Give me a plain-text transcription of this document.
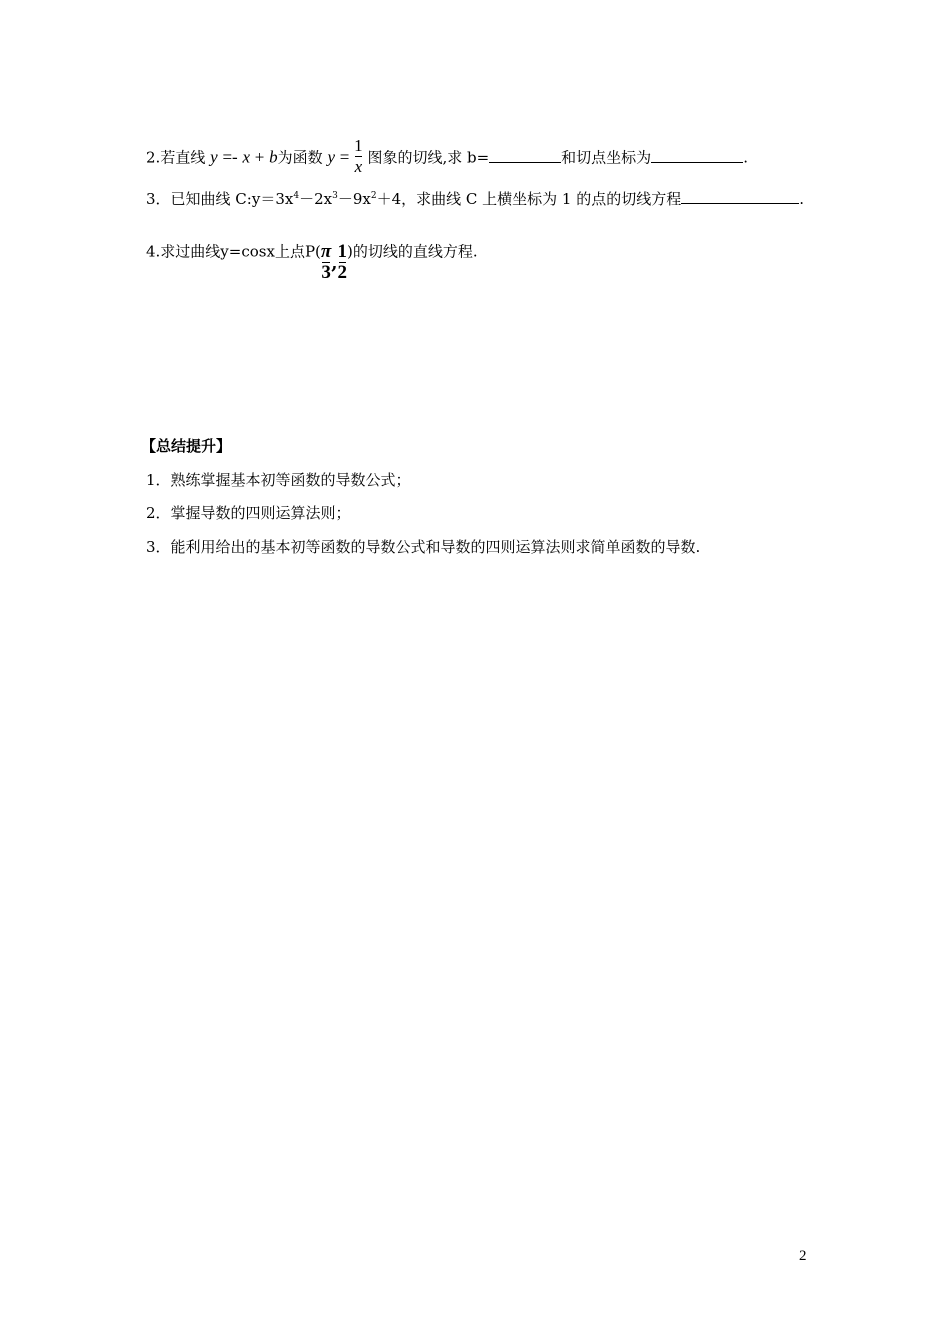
2.若直线 y =- x + b为函数 $y = \frac{1}{x}$ 图象的切线,求 b=	和切点坐标为	.
3．已知曲线 $C:y=3x^4-2x^3-9x^2+4$，求曲线 C 上横坐标为 1 的点的切线方程	.
4.求过曲线y=cosx上点$P( \frac{\pi}{3}$ , $\frac{1}{2}$ )的切线的直线方程.
【总结提升】
1．熟练掌握基本初等函数的导数公式；
2．掌握导数的四则运算法则；
3．能利用给出的基本初等函数的导数公式和导数的四则运算法则求简单函数的导数.
2
